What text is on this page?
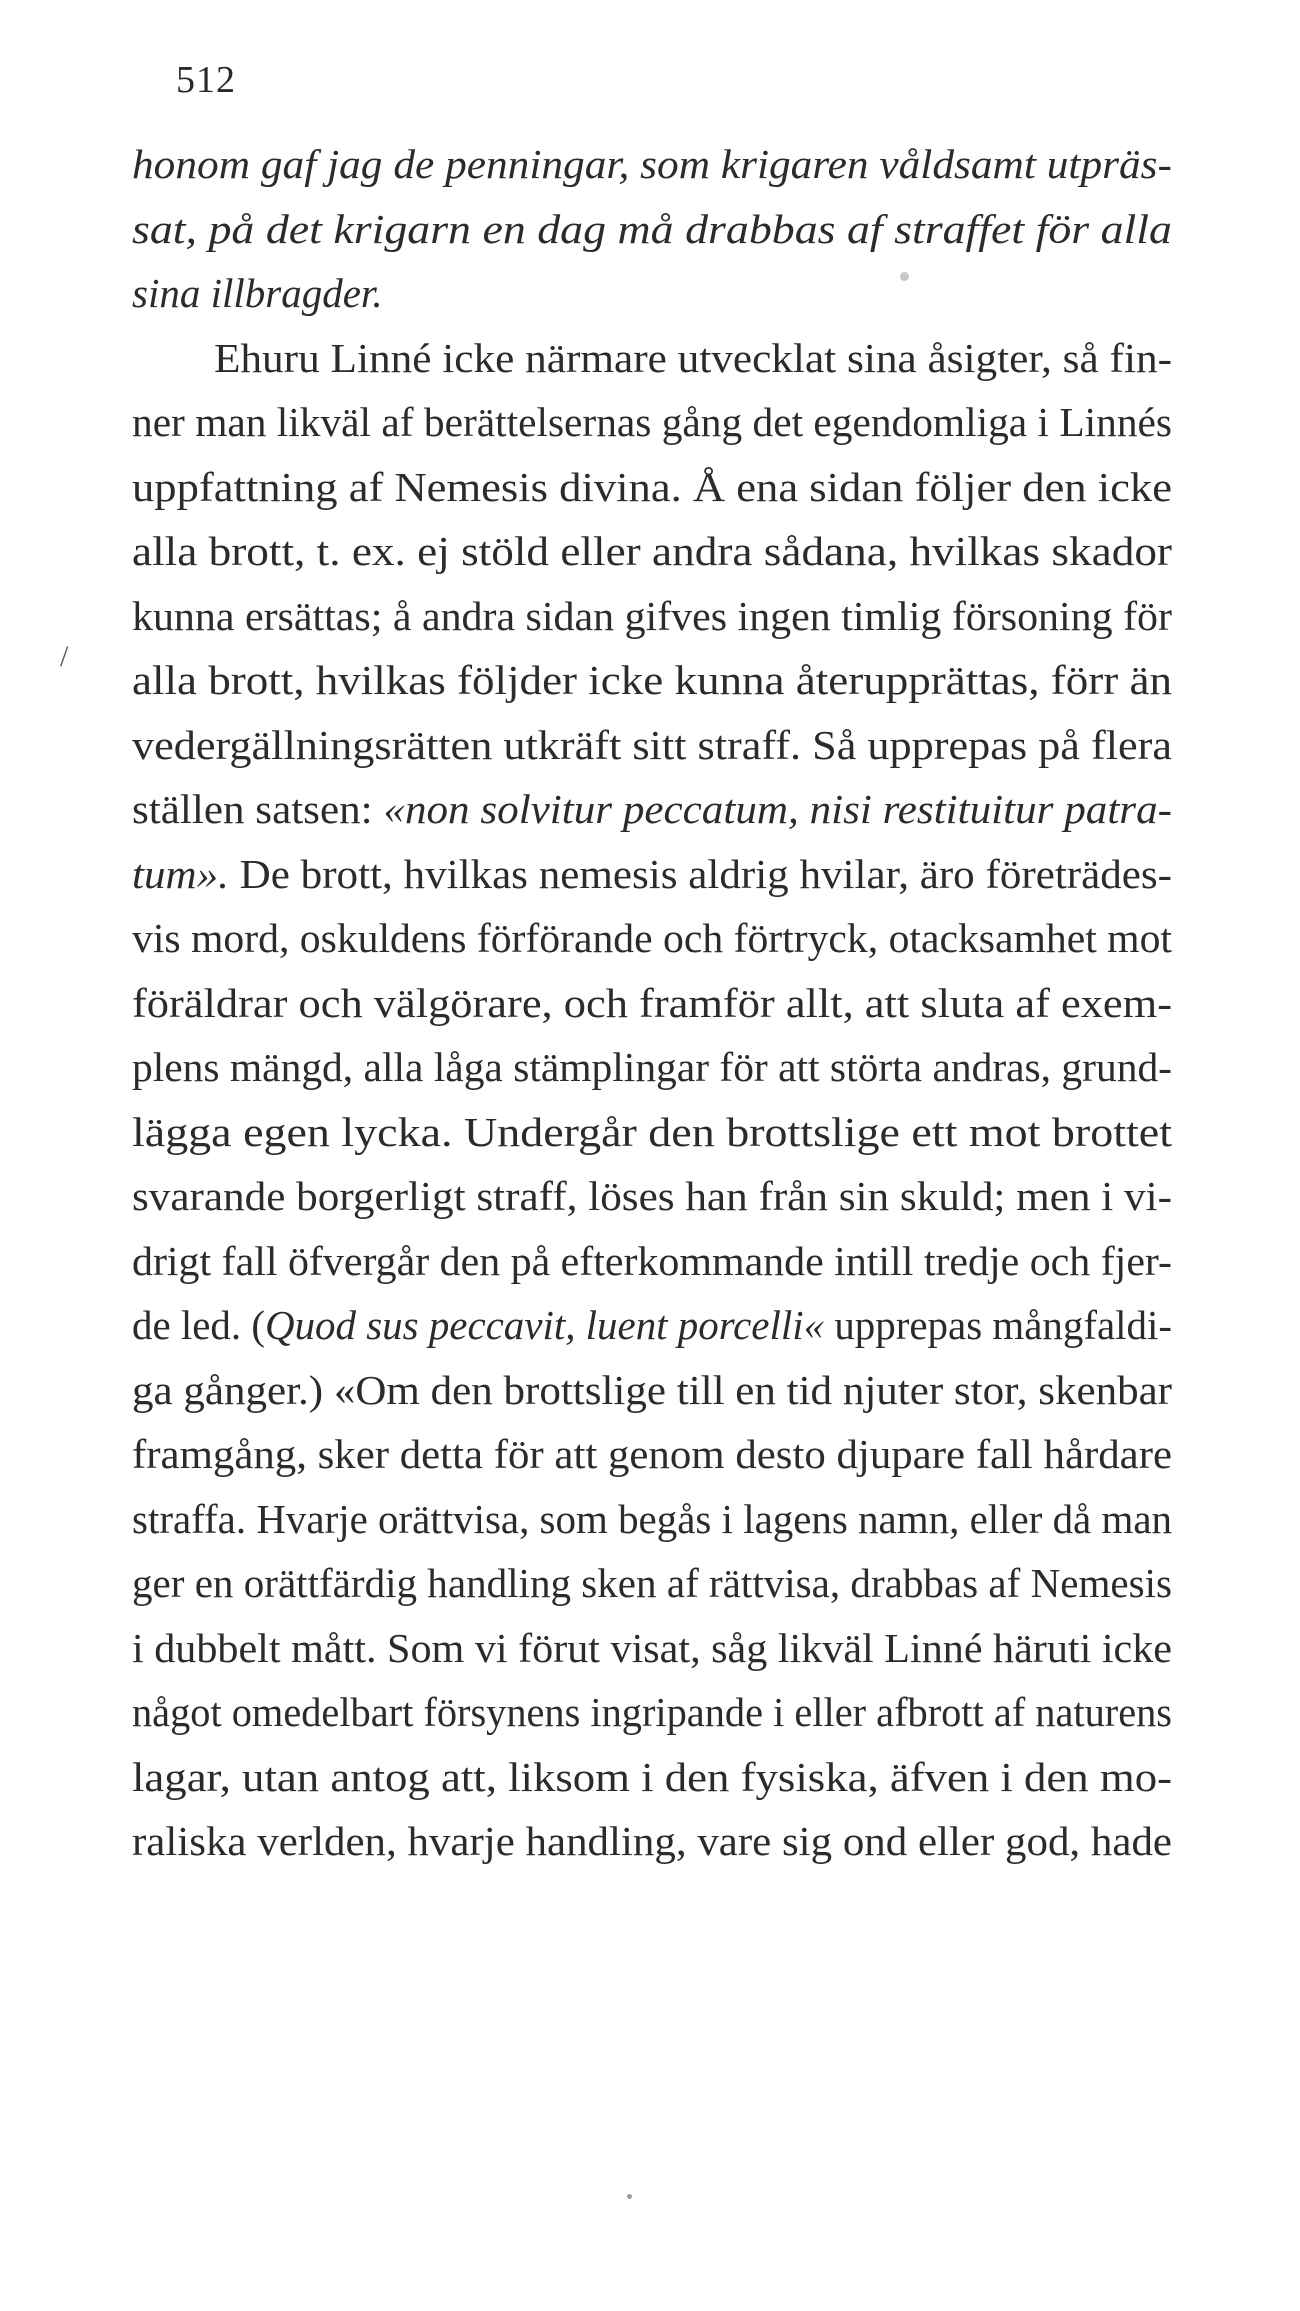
512
/
honom gaf jag de penningar, som krigaren våldsamt utpräs-
sat, på det krigarn en dag må drabbas af straffet för alla
sina illbragder.
Ehuru Linné icke närmare utvecklat sina åsigter, så fin-
ner man likväl af berättelsernas gång det egendomliga i Linnés
uppfattning af Nemesis divina. Å ena sidan följer den icke
alla brott, t. ex. ej stöld eller andra sådana, hvilkas skador
kunna ersättas; å andra sidan gifves ingen timlig försoning för
alla brott, hvilkas följder icke kunna återupprättas, förr än
vedergällningsrätten utkräft sitt straff. Så upprepas på flera
ställen satsen: «non solvitur peccatum, nisi restituitur patra-
tum». De brott, hvilkas nemesis aldrig hvilar, äro företrädes-
vis mord, oskuldens förförande och förtryck, otacksamhet mot
föräldrar och välgörare, och framför allt, att sluta af exem-
plens mängd, alla låga stämplingar för att störta andras, grund-
lägga egen lycka. Undergår den brottslige ett mot brottet
svarande borgerligt straff, löses han från sin skuld; men i vi-
drigt fall öfvergår den på efterkommande intill tredje och fjer-
de led. (Quod sus peccavit, luent porcelli« upprepas mångfaldi-
ga gånger.) «Om den brottslige till en tid njuter stor, skenbar
framgång, sker detta för att genom desto djupare fall hårdare
straffa. Hvarje orättvisa, som begås i lagens namn, eller då man
ger en orättfärdig handling sken af rättvisa, drabbas af Nemesis
i dubbelt mått. Som vi förut visat, såg likväl Linné häruti icke
något omedelbart försynens ingripande i eller afbrott af naturens
lagar, utan antog att, liksom i den fysiska, äfven i den mo-
raliska verlden, hvarje handling, vare sig ond eller god, hade
